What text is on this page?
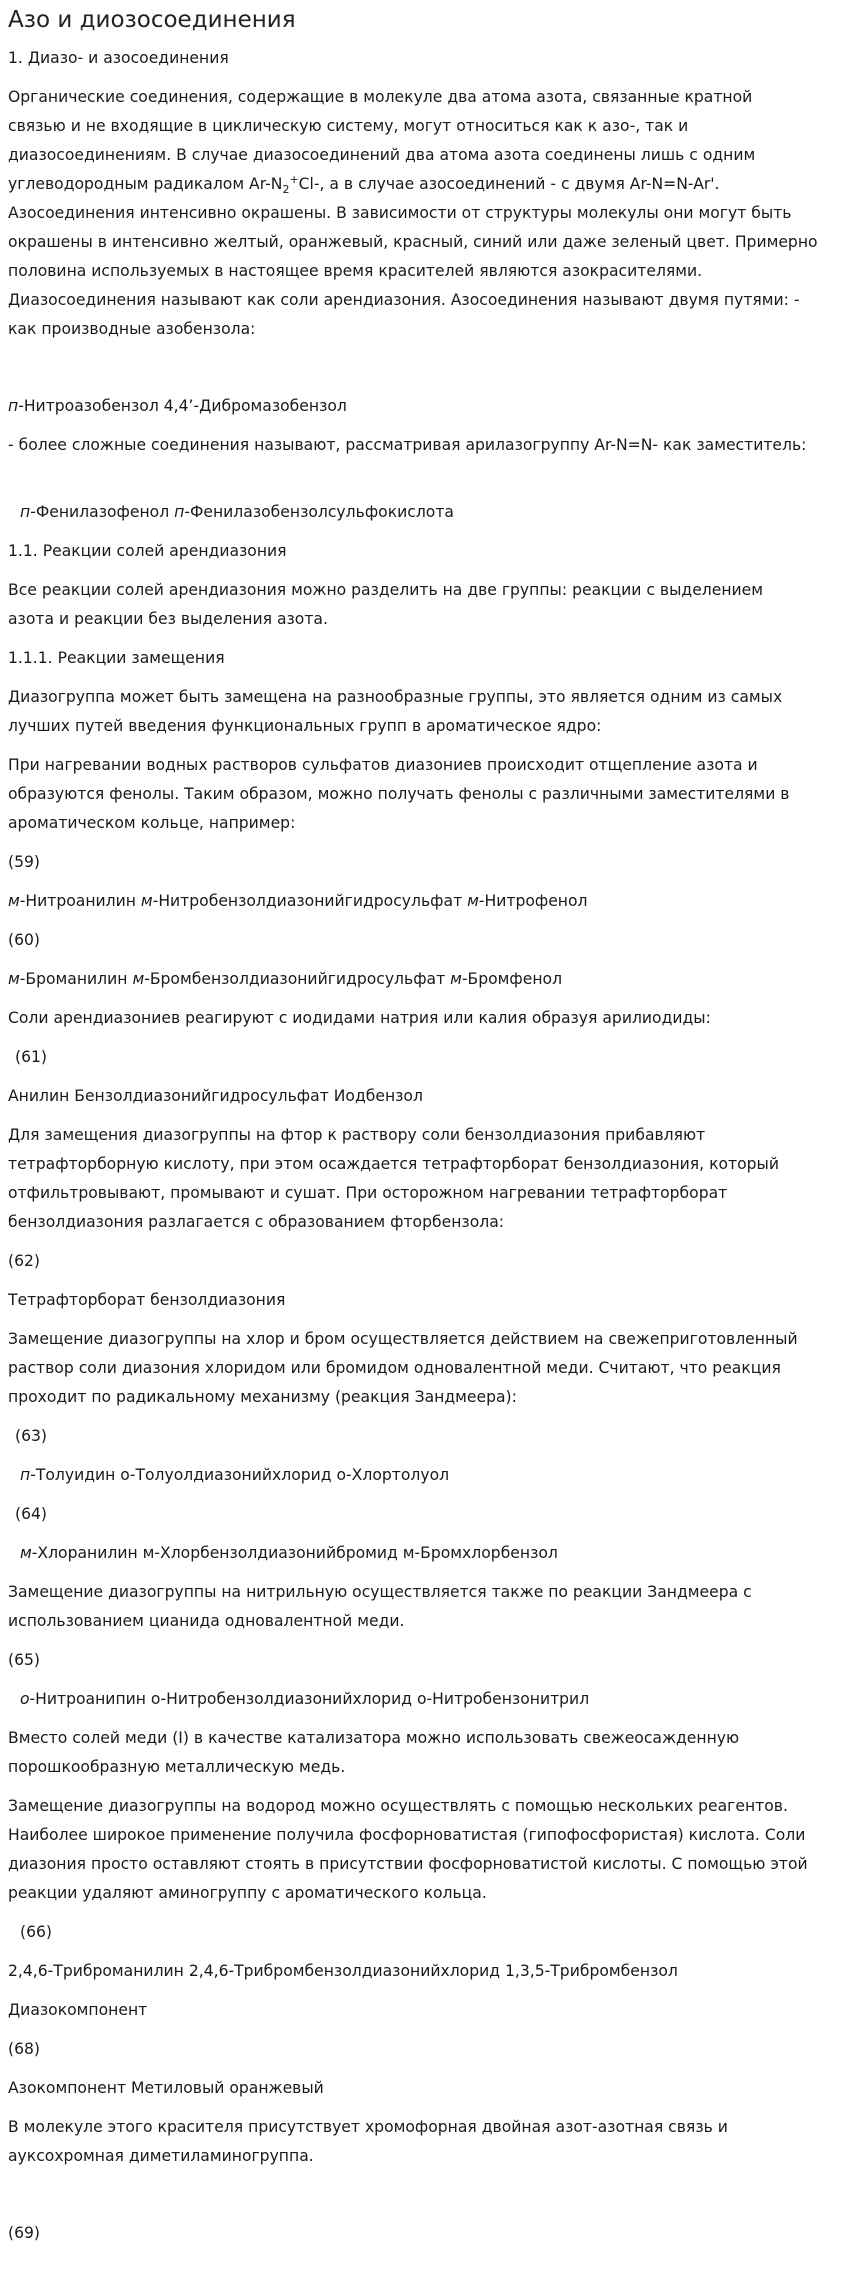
Азо и диозосоединения

1. Диазо- и азосоединения

Органические соединения, содержащие в молекуле два атома азота, связанные кратной
связью и не входящие в циклическую систему, могут относиться как к азо-, так и
диазосоединениям. В случае диазосоединений два атома азота соединены лишь с одним
углеводородным радикалом $Ar-N_2^+Cl-$, а в случае азосоединений - с двумя Ar-N=N-Ar'.
Азосоединения интенсивно окрашены. В зависимости от структуры молекулы они могут быть
окрашены в интенсивно желтый, оранжевый, красный, синий или даже зеленый цвет. Примерно
половина используемых в настоящее время красителей являются азокрасителями.
Диазосоединения называют как соли арендиазония. Азосоединения называют двумя путями: -
как производные азобензола:

п-Нитроазобензол 4,4’-Дибромазобензол

- более сложные соединения называют, рассматривая арилазогруппу Ar-N=N- как заместитель:

п-Фенилазофенол п-Фенилазобензолсульфокислота

1.1. Реакции солей арендиазония

Все реакции солей арендиазония можно разделить на две группы: реакции с выделением
азота и реакции без выделения азота.

1.1.1. Реакции замещения

Диазогруппа может быть замещена на разнообразные группы, это является одним из самых
лучших путей введения функциональных групп в ароматическое ядро:

При нагревании водных растворов сульфатов диазониев происходит отщепление азота и
образуются фенолы. Таким образом, можно получать фенолы с различными заместителями в
ароматическом кольце, например:

(59)

м-Нитроанилин м-Нитробензолдиазонийгидросульфат м-Нитрофенол

(60)

м-Броманилин м-Бромбензолдиазонийгидросульфат м-Бромфенол

Соли арендиазониев реагируют с иодидами натрия или калия образуя арилиодиды:

(61)

Анилин Бензолдиазонийгидросульфат Иодбензол

Для замещения диазогруппы на фтор к раствору соли бензолдиазония прибавляют
тетрафторборную кислоту, при этом осаждается тетрафторборат бензолдиазония, который
отфильтровывают, промывают и сушат. При осторожном нагревании тетрафторборат
бензолдиазония разлагается с образованием фторбензола:

(62)

Тетрафторборат бензолдиазония

Замещение диазогруппы на хлор и бром осуществляется действием на свежеприготовленный
раствор соли диазония хлоридом или бромидом одновалентной меди. Считают, что реакция
проходит по радикальному механизму (реакция Зандмеера):

(63)

п-Толуидин о-Толуолдиазонийхлорид о-Хлортолуол

(64)

м-Хлоранилин м-Хлорбензолдиазонийбромид м-Бромхлорбензол

Замещение диазогруппы на нитрильную осуществляется также по реакции Зандмеера с
использованием цианида одновалентной меди.

(65)

о-Нитроанипин о-Нитробензолдиазонийхлорид о-Нитробензонитрил

Вместо солей меди (I) в качестве катализатора можно использовать свежеосажденную
порошкообразную металлическую медь.

Замещение диазогруппы на водород можно осуществлять с помощью нескольких реагентов.
Наиболее широкое применение получила фосфорноватистая (гипофосфористая) кислота. Соли
диазония просто оставляют стоять в присутствии фосфорноватистой кислоты. С помощью этой
реакции удаляют аминогруппу с ароматического кольца.

(66)

2,4,6-Триброманилин 2,4,6-Трибромбензолдиазонийхлорид 1,3,5-Трибромбензол

Диазокомпонент

(68)

Азокомпонент Метиловый оранжевый

В молекуле этого красителя присутствует хромофорная двойная азот-азотная связь и
ауксохромная диметиламиногруппа.

(69)
